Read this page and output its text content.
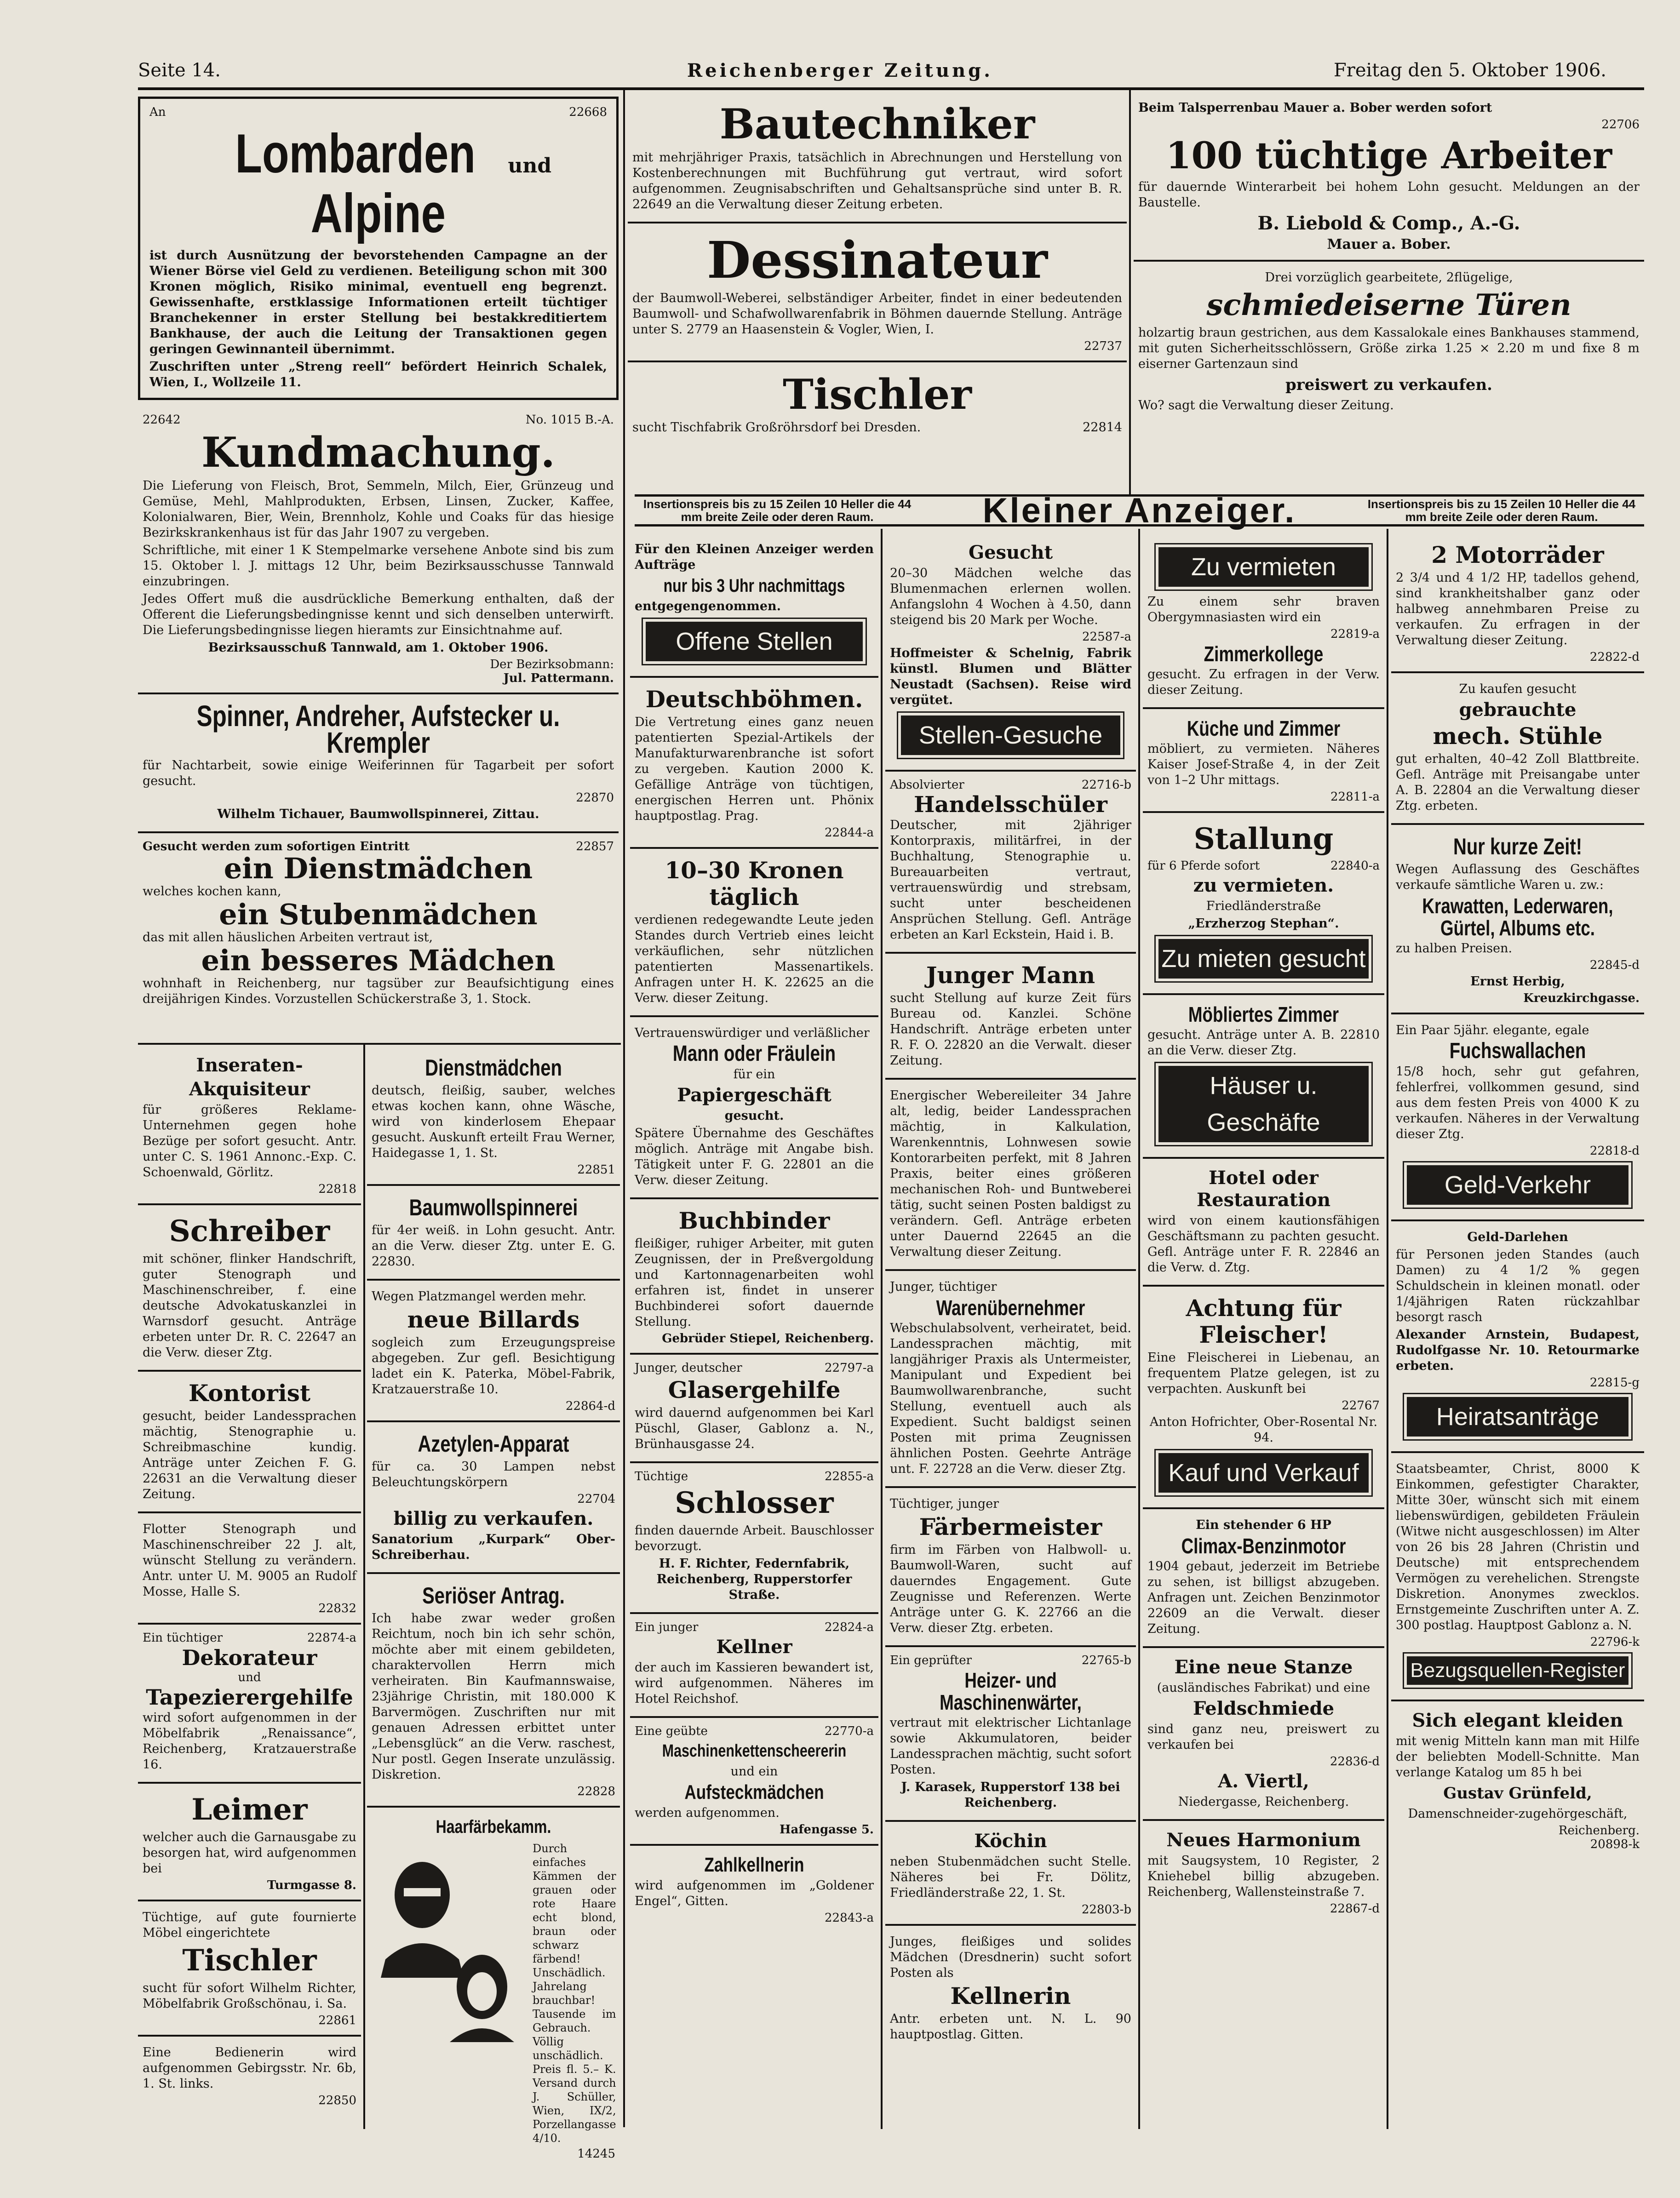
Seite 14.	Reichenberger Zeitung.	Freitag den 5. Oktober 1906.
An	22668
Lombarden und Alpine

ist durch Ausnützung der bevorstehenden Campagne an der Wiener Börse viel Geld zu verdienen. Beteiligung schon mit 300 Kronen möglich, Risiko minimal, eventuell eng begrenzt. Gewissenhafte, erstklassige Informationen erteilt tüchtiger Branchekenner in erster Stellung bei bestakkreditiertem Bankhause, der auch die Leitung der Transaktionen gegen geringen Gewinnanteil übernimmt.

Zuschriften unter „Streng reell“ befördert Heinrich Schalek, Wien, I., Wollzeile 11.

22642	No. 1015 B.-A.
Kundmachung.

Die Lieferung von Fleisch, Brot, Semmeln, Milch, Eier, Grünzeug und Gemüse, Mehl, Mahlprodukten, Erbsen, Linsen, Zucker, Kaffee, Kolonialwaren, Bier, Wein, Brennholz, Kohle und Coaks für das hiesige Bezirkskrankenhaus ist für das Jahr 1907 zu vergeben.

Schriftliche, mit einer 1 K Stempelmarke versehene Anbote sind bis zum 15. Oktober l. J. mittags 12 Uhr, beim Bezirksausschusse Tannwald einzubringen.

Jedes Offert muß die ausdrückliche Bemerkung enthalten, daß der Offerent die Lieferungsbedingnisse kennt und sich denselben unterwirft. Die Lieferungsbedingnisse liegen hieramts zur Einsichtnahme auf.

Bezirksausschuß Tannwald, am 1. Oktober 1906.

Der Bezirksobmann:
Jul. Pattermann.
Spinner, Andreher, Aufstecker u. Krempler

für Nachtarbeit, sowie einige Weiferinnen für Tagarbeit per sofort gesucht.

22870

Wilhelm Tichauer, Baumwollspinnerei, Zittau.

Gesucht werden zum sofortigen Eintritt	22857
ein Dienstmädchen

welches kochen kann,

ein Stubenmädchen

das mit allen häuslichen Arbeiten vertraut ist,

ein besseres Mädchen

wohnhaft in Reichenberg, nur tagsüber zur Beaufsichtigung eines dreijährigen Kindes. Vorzustellen Schückerstraße 3, 1. Stock.

Inseraten-
Akquisiteur

für größeres Reklame-Unternehmen gegen hohe Bezüge per sofort gesucht. Antr. unter C. S. 1961 Annonc.-Exp. C. Schoenwald, Görlitz.

22818
Schreiber

mit schöner, flinker Handschrift, guter Stenograph und Maschinenschreiber, f. eine deutsche Advokatuskanzlei in Warnsdorf gesucht. Anträge erbeten unter Dr. R. C. 22647 an die Verw. dieser Ztg.

Kontorist

gesucht, beider Landessprachen mächtig, Stenographie u. Schreibmaschine kundig. Anträge unter Zeichen F. G. 22631 an die Verwaltung dieser Zeitung.

Flotter Stenograph und Maschinenschreiber 22 J. alt, wünscht Stellung zu verändern. Antr. unter U. M. 9005 an Rudolf Mosse, Halle S.

22832
Ein tüchtiger	22874-a
Dekorateur
und
Tapezierergehilfe

wird sofort aufgenommen in der Möbelfabrik „Renaissance“, Reichenberg, Kratzauerstraße 16.

Leimer

welcher auch die Garnausgabe zu besorgen hat, wird aufgenommen bei

Turmgasse 8.

Tüchtige, auf gute fournierte Möbel eingerichtete

Tischler

sucht für sofort Wilhelm Richter, Möbelfabrik Großschönau, i. Sa.

22861

Eine Bedienerin wird aufgenommen Gebirgsstr. Nr. 6b, 1. St. links.

22850
Dienstmädchen

deutsch, fleißig, sauber, welches etwas kochen kann, ohne Wäsche, wird von kinderlosem Ehepaar gesucht. Auskunft erteilt Frau Werner, Haidegasse 1, 1. St.

22851
Baumwollspinnerei

für 4er weiß. in Lohn gesucht. Antr. an die Verw. dieser Ztg. unter E. G. 22830.

Wegen Platzmangel werden mehr.

neue Billards

sogleich zum Erzeugungspreise abgegeben. Zur gefl. Besichtigung ladet ein K. Paterka, Möbel-Fabrik, Kratzauerstraße 10.

22864-d
Azetylen-Apparat

für ca. 30 Lampen nebst Beleuchtungskörpern

22704
billig zu verkaufen.

Sanatorium „Kurpark“ Ober-Schreiberhau.

Seriöser Antrag.

Ich habe zwar weder großen Reichtum, noch bin ich sehr schön, möchte aber mit einem gebildeten, charaktervollen Herrn mich verheiraten. Bin Kaufmannswaise, 23jährige Christin, mit 180.000 K Barvermögen. Zuschriften nur mit genauen Adressen erbittet unter „Lebensglück“ an die Verw. raschest, Nur postl. Gegen Inserate unzulässig. Diskretion.

22828
Haarfärbekamm.

Durch einfaches Kämmen der grauen oder rote Haare echt blond, braun oder schwarz färbend! Unschädlich. Jahrelang brauchbar! Tausende im Gebrauch. Völlig unschädlich. Preis fl. 5.– K. Versand durch J. Schüller, Wien, IX/2, Porzellangasse 4/10.

14245
Bautechniker

mit mehrjähriger Praxis, tatsächlich in Abrechnungen und Herstellung von Kostenberechnungen mit Buchführung gut vertraut, wird sofort aufgenommen. Zeugnisabschriften und Gehaltsansprüche sind unter B. R. 22649 an die Verwaltung dieser Zeitung erbeten.

Dessinateur

der Baumwoll-Weberei, selbständiger Arbeiter, findet in einer bedeutenden Baumwoll- und Schafwollwarenfabrik in Böhmen dauernde Stellung. Anträge unter S. 2779 an Haasenstein & Vogler, Wien, I.

22737
Tischler
sucht Tischfabrik Großröhrsdorf bei Dresden.	22814

Beim Talsperrenbau Mauer a. Bober werden sofort

22706
100 tüchtige Arbeiter

für dauernde Winterarbeit bei hohem Lohn gesucht. Meldungen an der Baustelle.

B. Liebold & Comp., A.-G.
Mauer a. Bober.

Drei vorzüglich gearbeitete, 2flügelige,

schmiedeiserne Türen

holzartig braun gestrichen, aus dem Kassalokale eines Bankhauses stammend, mit guten Sicherheitsschlössern, Größe zirka 1.25 × 2.20 m und fixe 8 m eiserner Gartenzaun sind

preiswert zu verkaufen.

Wo? sagt die Verwaltung dieser Zeitung.

Insertionspreis bis zu 15 Zeilen 10 Heller die 44 mm breite Zeile oder deren Raum.	Kleiner Anzeiger.	Insertionspreis bis zu 15 Zeilen 10 Heller die 44 mm breite Zeile oder deren Raum.

Für den Kleinen Anzeiger werden Aufträge

nur bis 3 Uhr nachmittags

entgegengenommen.

Offene Stellen
Deutschböhmen.

Die Vertretung eines ganz neuen patentierten Spezial-Artikels der Manufakturwarenbranche ist sofort zu vergeben. Kaution 2000 K. Gefällige Anträge von tüchtigen, energischen Herren unt. Phönix hauptpostlag. Prag.

22844-a
10–30 Kronen täglich

verdienen redegewandte Leute jeden Standes durch Vertrieb eines leicht verkäuflichen, sehr nützlichen patentierten Massenartikels. Anfragen unter H. K. 22625 an die Verw. dieser Zeitung.

Vertrauenswürdiger und verläßlicher

Mann oder Fräulein

für ein

Papiergeschäft

gesucht.

Spätere Übernahme des Geschäftes möglich. Anträge mit Angabe bish. Tätigkeit unter F. G. 22801 an die Verw. dieser Zeitung.

Buchbinder

fleißiger, ruhiger Arbeiter, mit guten Zeugnissen, der in Preßvergoldung und Kartonnagenarbeiten wohl erfahren ist, findet in unserer Buchbinderei sofort dauernde Stellung.

Gebrüder Stiepel, Reichenberg.
Junger, deutscher	22797-a
Glasergehilfe

wird dauernd aufgenommen bei Karl Püschl, Glaser, Gablonz a. N., Brünhausgasse 24.

Tüchtige	22855-a
Schlosser

finden dauernde Arbeit. Bauschlosser bevorzugt.

H. F. Richter, Federnfabrik, Reichenberg, Rupperstorfer Straße.

Ein junger	22824-a
Kellner

der auch im Kassieren bewandert ist, wird aufgenommen. Näheres im Hotel Reichshof.

Eine geübte	22770-a
Maschinenkettenscheererin

und ein

Aufsteckmädchen

werden aufgenommen.

Hafengasse 5.
Zahlkellnerin

wird aufgenommen im „Goldener Engel“, Gitten.

22843-a
Gesucht

20–30 Mädchen welche das Blumenmachen erlernen wollen. Anfangslohn 4 Wochen à 4.50, dann steigend bis 20 Mark per Woche.

22587-a

Hoffmeister & Schelnig, Fabrik künstl. Blumen und Blätter Neustadt (Sachsen). Reise wird vergütet.

Stellen-Gesuche
Absolvierter	22716-b
Handelsschüler

Deutscher, mit 2jähriger Kontorpraxis, militärfrei, in der Buchhaltung, Stenographie u. Bureauarbeiten vertraut, vertrauenswürdig und strebsam, sucht unter bescheidenen Ansprüchen Stellung. Gefl. Anträge erbeten an Karl Eckstein, Haid i. B.

Junger Mann

sucht Stellung auf kurze Zeit fürs Bureau od. Kanzlei. Schöne Handschrift. Anträge erbeten unter R. F. O. 22820 an die Verwalt. dieser Zeitung.

Energischer Webereileiter 34 Jahre alt, ledig, beider Landessprachen mächtig, in Kalkulation, Warenkenntnis, Lohnwesen sowie Kontorarbeiten perfekt, mit 8 Jahren Praxis, beiter eines größeren mechanischen Roh- und Buntweberei tätig, sucht seinen Posten baldigst zu verändern. Gefl. Anträge erbeten unter Dauernd 22645 an die Verwaltung dieser Zeitung.

Junger, tüchtiger

Warenübernehmer

Webschulabsolvent, verheiratet, beid. Landessprachen mächtig, mit langjähriger Praxis als Untermeister, Manipulant und Expedient bei Baumwollwarenbranche, sucht Stellung, eventuell auch als Expedient. Sucht baldigst seinen Posten mit prima Zeugnissen ähnlichen Posten. Geehrte Anträge unt. F. 22728 an die Verw. dieser Ztg.

Tüchtiger, junger

Färbermeister

firm im Färben von Halbwoll- u. Baumwoll-Waren, sucht auf dauerndes Engagement. Gute Zeugnisse und Referenzen. Werte Anträge unter G. K. 22766 an die Verw. dieser Ztg. erbeten.

Ein geprüfter	22765-b
Heizer- und Maschinenwärter,

vertraut mit elektrischer Lichtanlage sowie Akkumulatoren, beider Landessprachen mächtig, sucht sofort Posten.

J. Karasek, Rupperstorf 138 bei Reichenberg.

Köchin

neben Stubenmädchen sucht Stelle. Näheres bei Fr. Dölitz, Friedländerstraße 22, 1. St.

22803-b

Junges, fleißiges und solides Mädchen (Dresdnerin) sucht sofort Posten als

Kellnerin

Antr. erbeten unt. N. L. 90 hauptpostlag. Gitten.

Zu vermieten

Zu einem sehr braven Obergymnasiasten wird ein

22819-a
Zimmerkollege

gesucht. Zu erfragen in der Verw. dieser Zeitung.

Küche und Zimmer

möbliert, zu vermieten. Näheres Kaiser Josef-Straße 4, in der Zeit von 1–2 Uhr mittags.

22811-a
Stallung
für 6 Pferde sofort	22840-a
zu vermieten.

Friedländerstraße

„Erzherzog Stephan“.

Zu mieten gesucht
Möbliertes Zimmer

gesucht. Anträge unter A. B. 22810 an die Verw. dieser Ztg.

Häuser u. Geschäfte
Hotel oder Restauration

wird von einem kautionsfähigen Geschäftsmann zu pachten gesucht. Gefl. Anträge unter F. R. 22846 an die Verw. d. Ztg.

Achtung für Fleischer!

Eine Fleischerei in Liebenau, an frequentem Platze gelegen, ist zu verpachten. Auskunft bei

22767

Anton Hofrichter, Ober-Rosental Nr. 94.

Kauf und Verkauf

Ein stehender 6 HP

Climax-Benzinmotor

1904 gebaut, jederzeit im Betriebe zu sehen, ist billigst abzugeben. Anfragen unt. Zeichen Benzinmotor 22609 an die Verwalt. dieser Zeitung.

Eine neue Stanze

(ausländisches Fabrikat) und eine

Feldschmiede

sind ganz neu, preiswert zu verkaufen bei

22836-d
A. Viertl,

Niedergasse, Reichenberg.

Neues Harmonium

mit Saugsystem, 10 Register, 2 Kniehebel billig abzugeben. Reichenberg, Wallensteinstraße 7.

22867-d
2 Motorräder

2 3/4 und 4 1/2 HP, tadellos gehend, sind krankheitshalber ganz oder halbweg annehmbaren Preise zu verkaufen. Zu erfragen in der Verwaltung dieser Zeitung.

22822-d

Zu kaufen gesucht

gebrauchte
mech. Stühle

gut erhalten, 40–42 Zoll Blattbreite. Gefl. Anträge mit Preisangabe unter A. B. 22804 an die Verwaltung dieser Ztg. erbeten.

Nur kurze Zeit!

Wegen Auflassung des Geschäftes verkaufe sämtliche Waren u. zw.:

Krawatten, Lederwaren, Gürtel, Albums etc.

zu halben Preisen.

22845-d

Ernst Herbig,

Kreuzkirchgasse.

Ein Paar 5jähr. elegante, egale

Fuchswallachen

15/8 hoch, sehr gut gefahren, fehlerfrei, vollkommen gesund, sind aus dem festen Preis von 4000 K zu verkaufen. Näheres in der Verwaltung dieser Ztg.

22818-d
Geld-Verkehr

Geld-Darlehen

für Personen jeden Standes (auch Damen) zu 4 1/2 % gegen Schuldschein in kleinen monatl. oder 1/4jährigen Raten rückzahlbar besorgt rasch

Alexander Arnstein, Budapest, Rudolfgasse Nr. 10. Retourmarke erbeten.

22815-g
Heiratsanträge

Staatsbeamter, Christ, 8000 K Einkommen, gefestigter Charakter, Mitte 30er, wünscht sich mit einem liebenswürdigen, gebildeten Fräulein (Witwe nicht ausgeschlossen) im Alter von 26 bis 28 Jahren (Christin und Deutsche) mit entsprechendem Vermögen zu verehelichen. Strengste Diskretion. Anonymes zwecklos. Ernstgemeinte Zuschriften unter A. Z. 300 postlag. Hauptpost Gablonz a. N.

22796-k
Bezugsquellen-Register
Sich elegant kleiden

mit wenig Mitteln kann man mit Hilfe der beliebten Modell-Schnitte. Man verlange Katalog um 85 h bei

Gustav Grünfeld,

Damenschneider-zugehörgeschäft,

Reichenberg.
20898-k
